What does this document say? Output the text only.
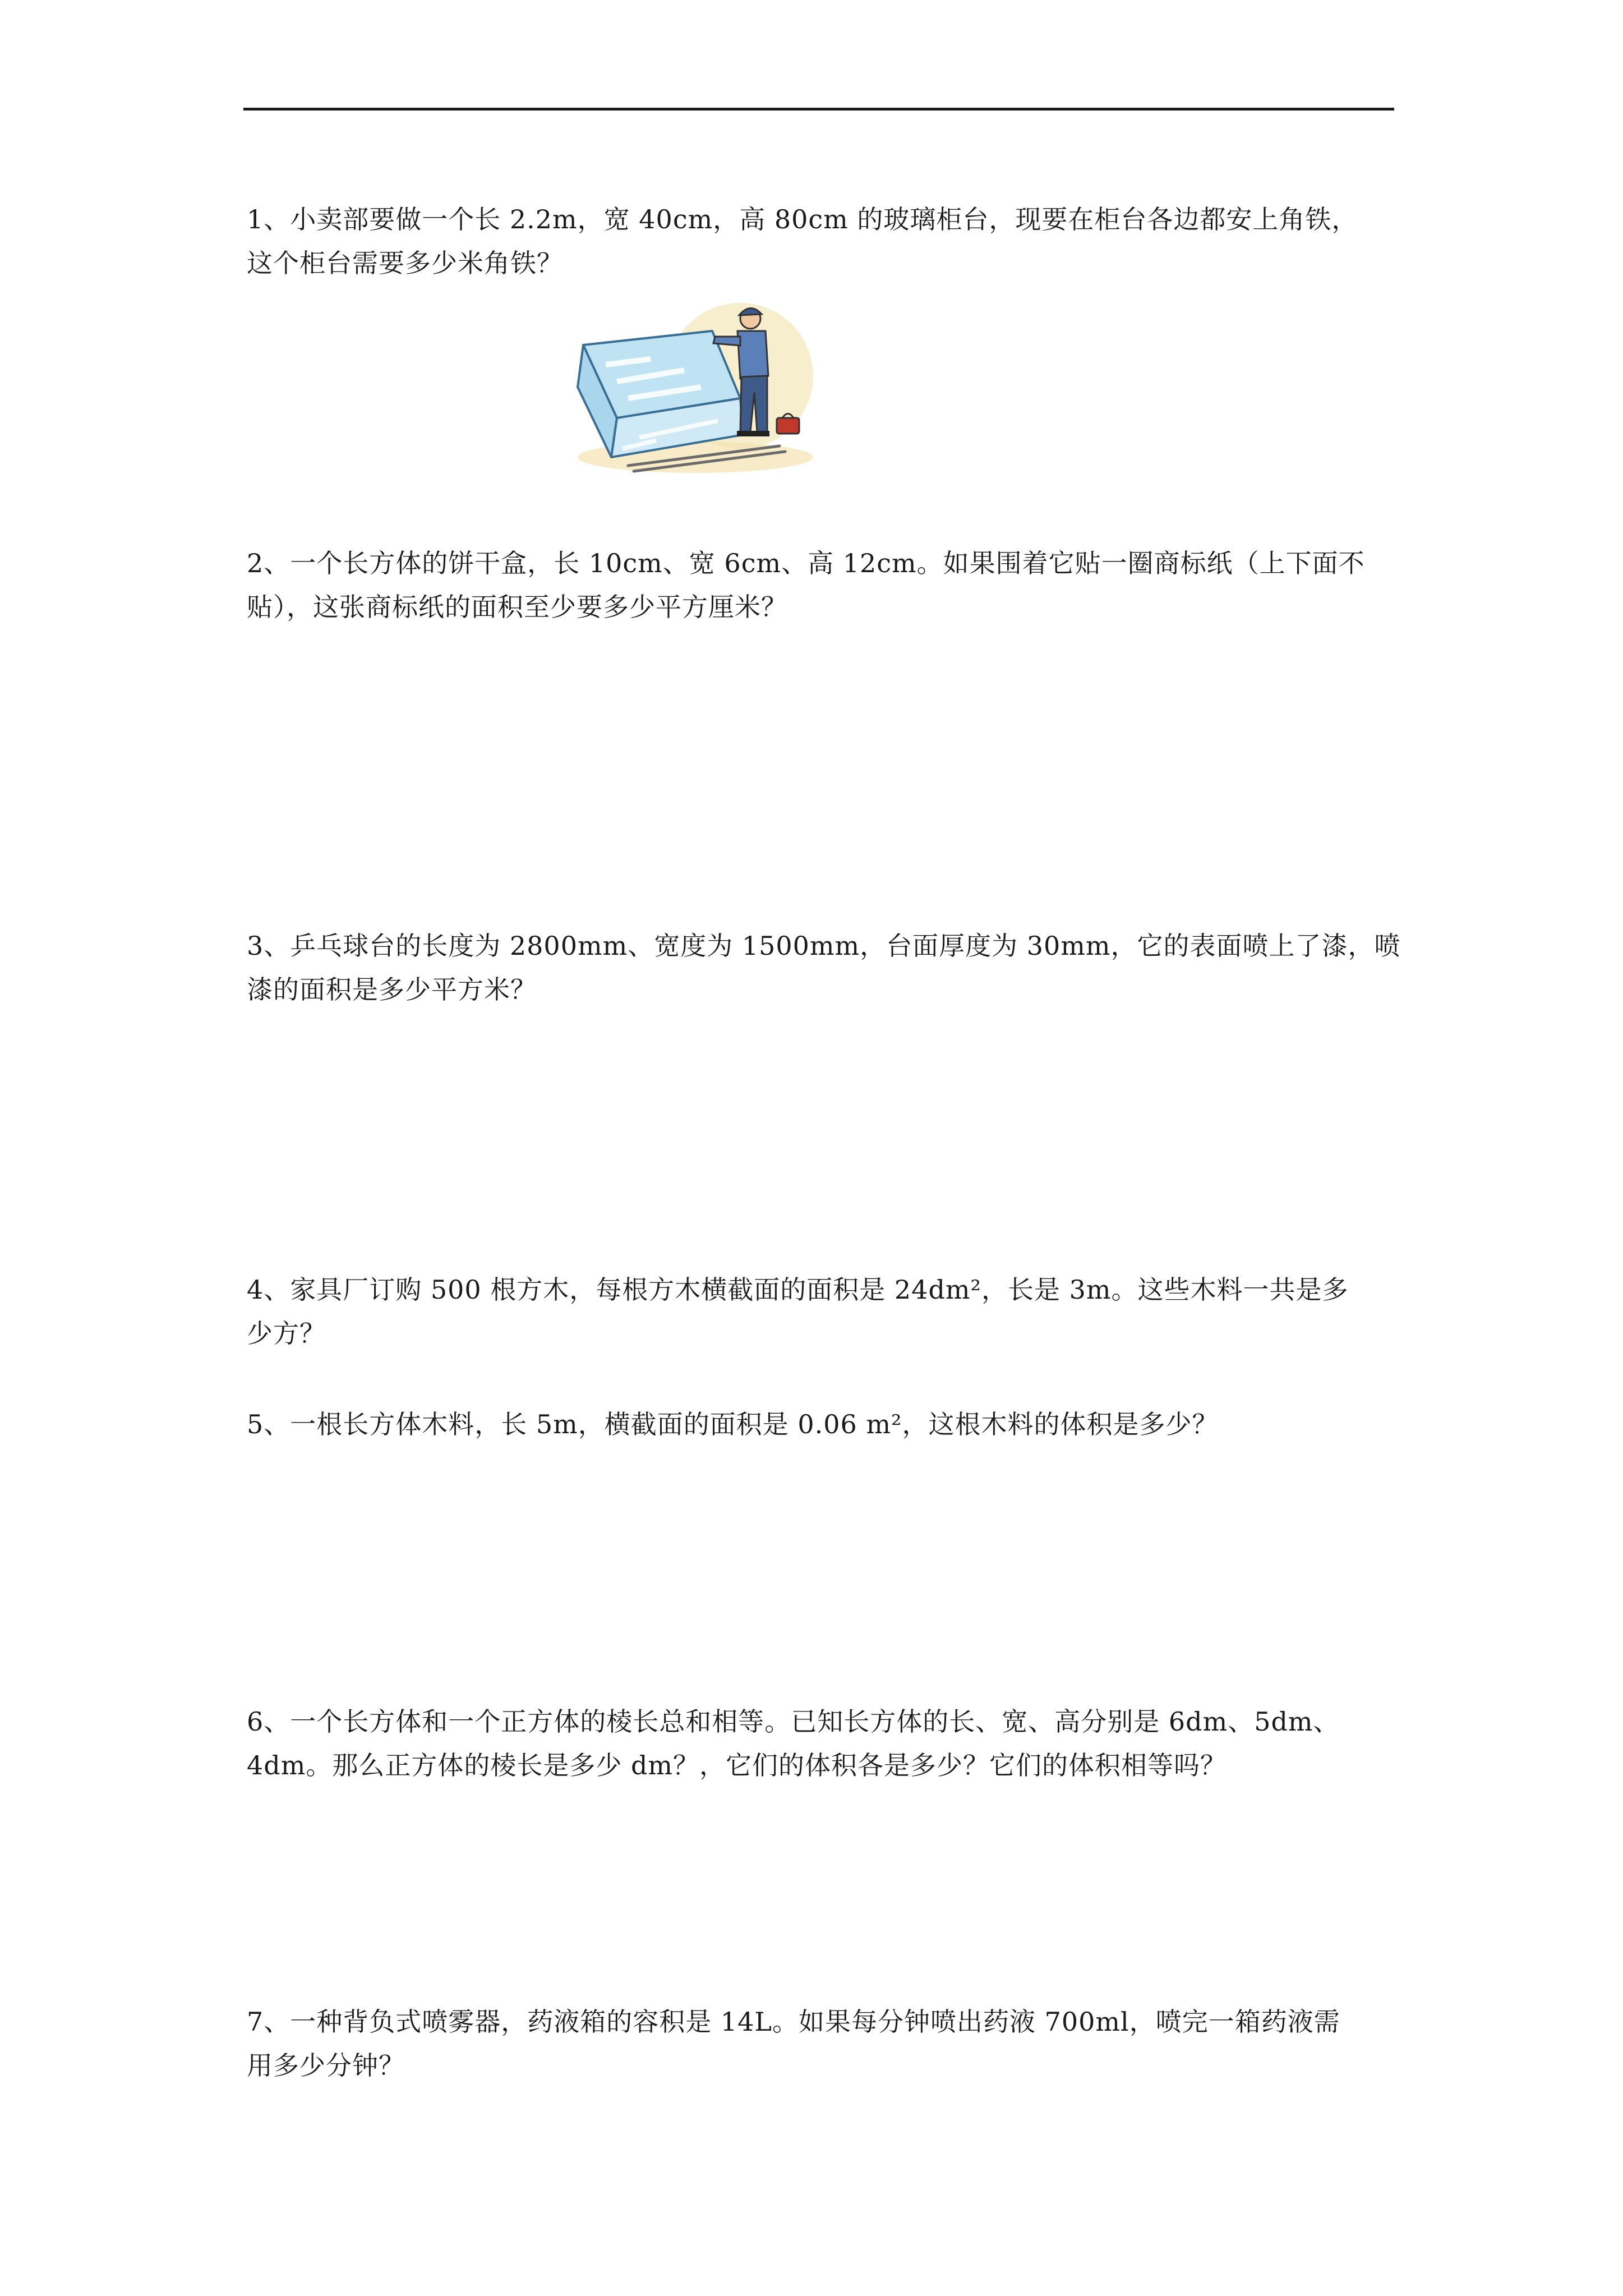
1、小卖部要做一个长 2.2m，宽 40cm，高 80cm 的玻璃柜台，现要在柜台各边都安上角铁，
这个柜台需要多少米角铁？
2、一个长方体的饼干盒，长 10cm、宽 6cm、高 12cm。如果围着它贴一圈商标纸（上下面不
贴），这张商标纸的面积至少要多少平方厘米？
3、乒乓球台的长度为 2800mm、宽度为 1500mm，台面厚度为 30mm，它的表面喷上了漆，喷
漆的面积是多少平方米？
4、家具厂订购 500 根方木，每根方木横截面的面积是 24dm²，长是 3m。这些木料一共是多
少方？
5、一根长方体木料，长 5m，横截面的面积是 0.06 m²，这根木料的体积是多少？
6、一个长方体和一个正方体的棱长总和相等。已知长方体的长、宽、高分别是 6dm、5dm、
4dm。那么正方体的棱长是多少 dm？，它们的体积各是多少？它们的体积相等吗？
7、一种背负式喷雾器，药液箱的容积是 14L。如果每分钟喷出药液 700ml，喷完一箱药液需
用多少分钟？
